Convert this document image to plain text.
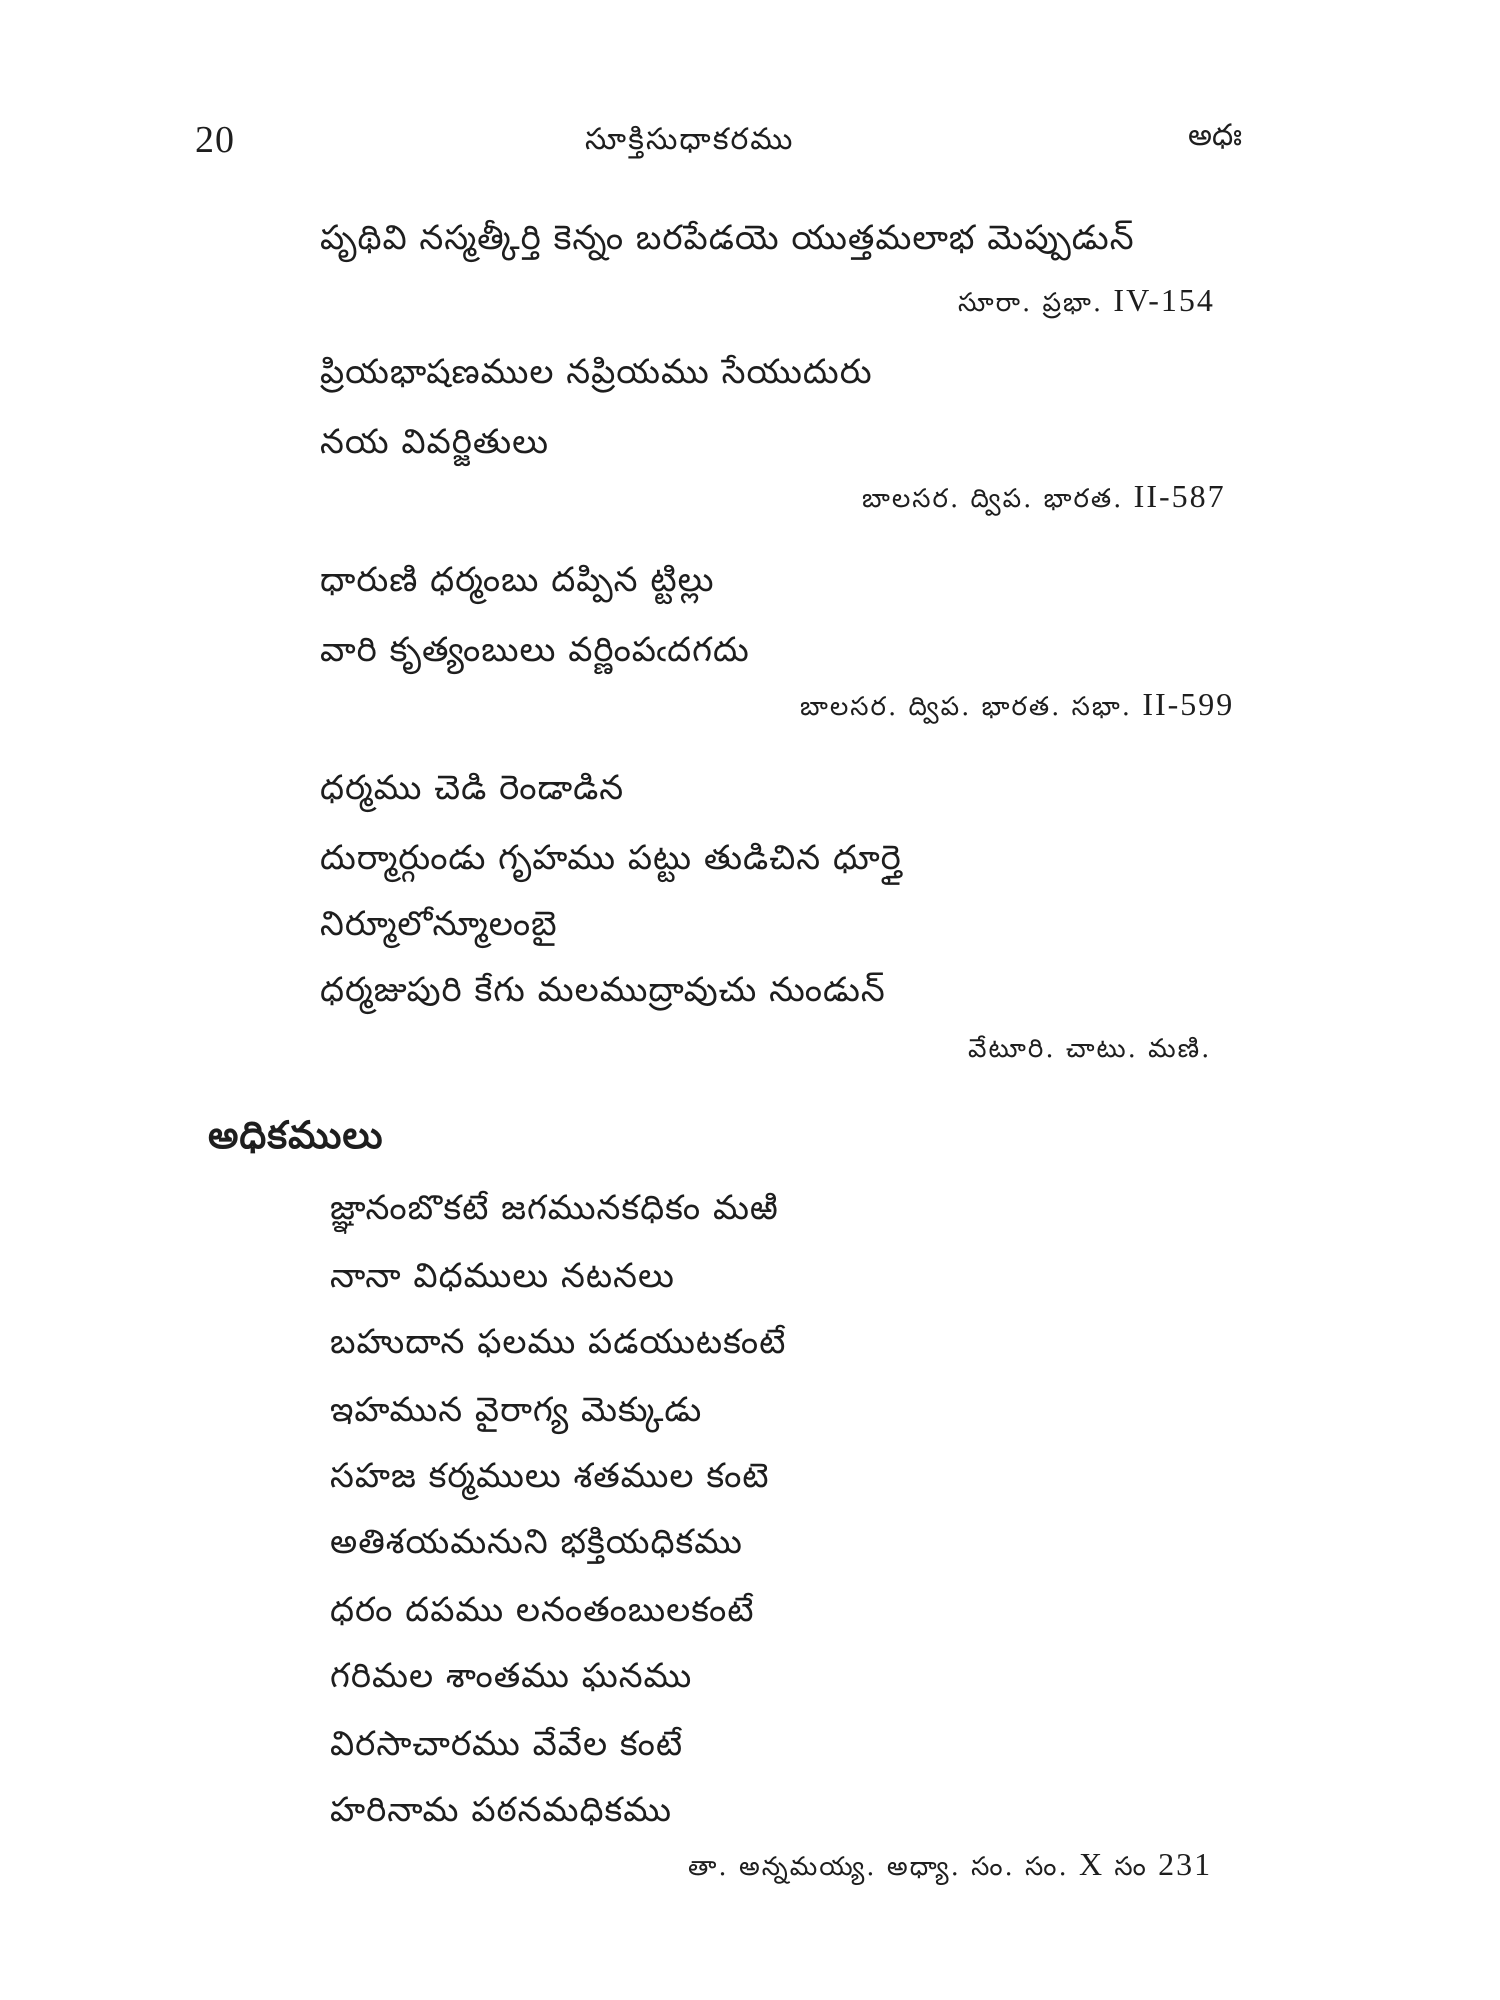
20	సూక్తిసుధాకరము	అధః
పృథివి నస్మత్కీర్తి కెన్నం బరపేడయె యుత్తమలాభ మెప్పుడున్
సూరా. ప్రభా. IV-154
ప్రియభాషణముల నప్రియము సేయుదురు
నయ వివర్జితులు
బాలసర. ద్విప. భారత. II-587
ధారుణి ధర్మంబు దప్పిన ట్టిల్లు
వారి కృత్యంబులు వర్ణింపఁదగదు
బాలసర. ద్విప. భారత. సభా. II-599
ధర్మము చెడి రెండాడిన
దుర్మార్గుండు గృహము పట్టు తుడిచిన ధూర్తై
నిర్మూలోన్మూలంబై
ధర్మజుపురి కేగు మలముద్రావుచు నుండున్
వేటూరి. చాటు. మణి.
అధికములు
జ్ఞానంబొకటే జగమునకధికం మఱి
నానా విధములు నటనలు
బహుదాన ఫలము పడయుటకంటే
ఇహమున వైరాగ్య మెక్కుడు
సహజ కర్మములు శతముల కంటె
అతిశయమనుని భక్తియధికము
ధరం దపము లనంతంబులకంటే
గరిమల శాంతము ఘనము
విరసాచారము వేవేల కంటే
హరినామ పఠనమధికము
తా. అన్నమయ్య. అధ్యా. సం. సం. X సం 231
